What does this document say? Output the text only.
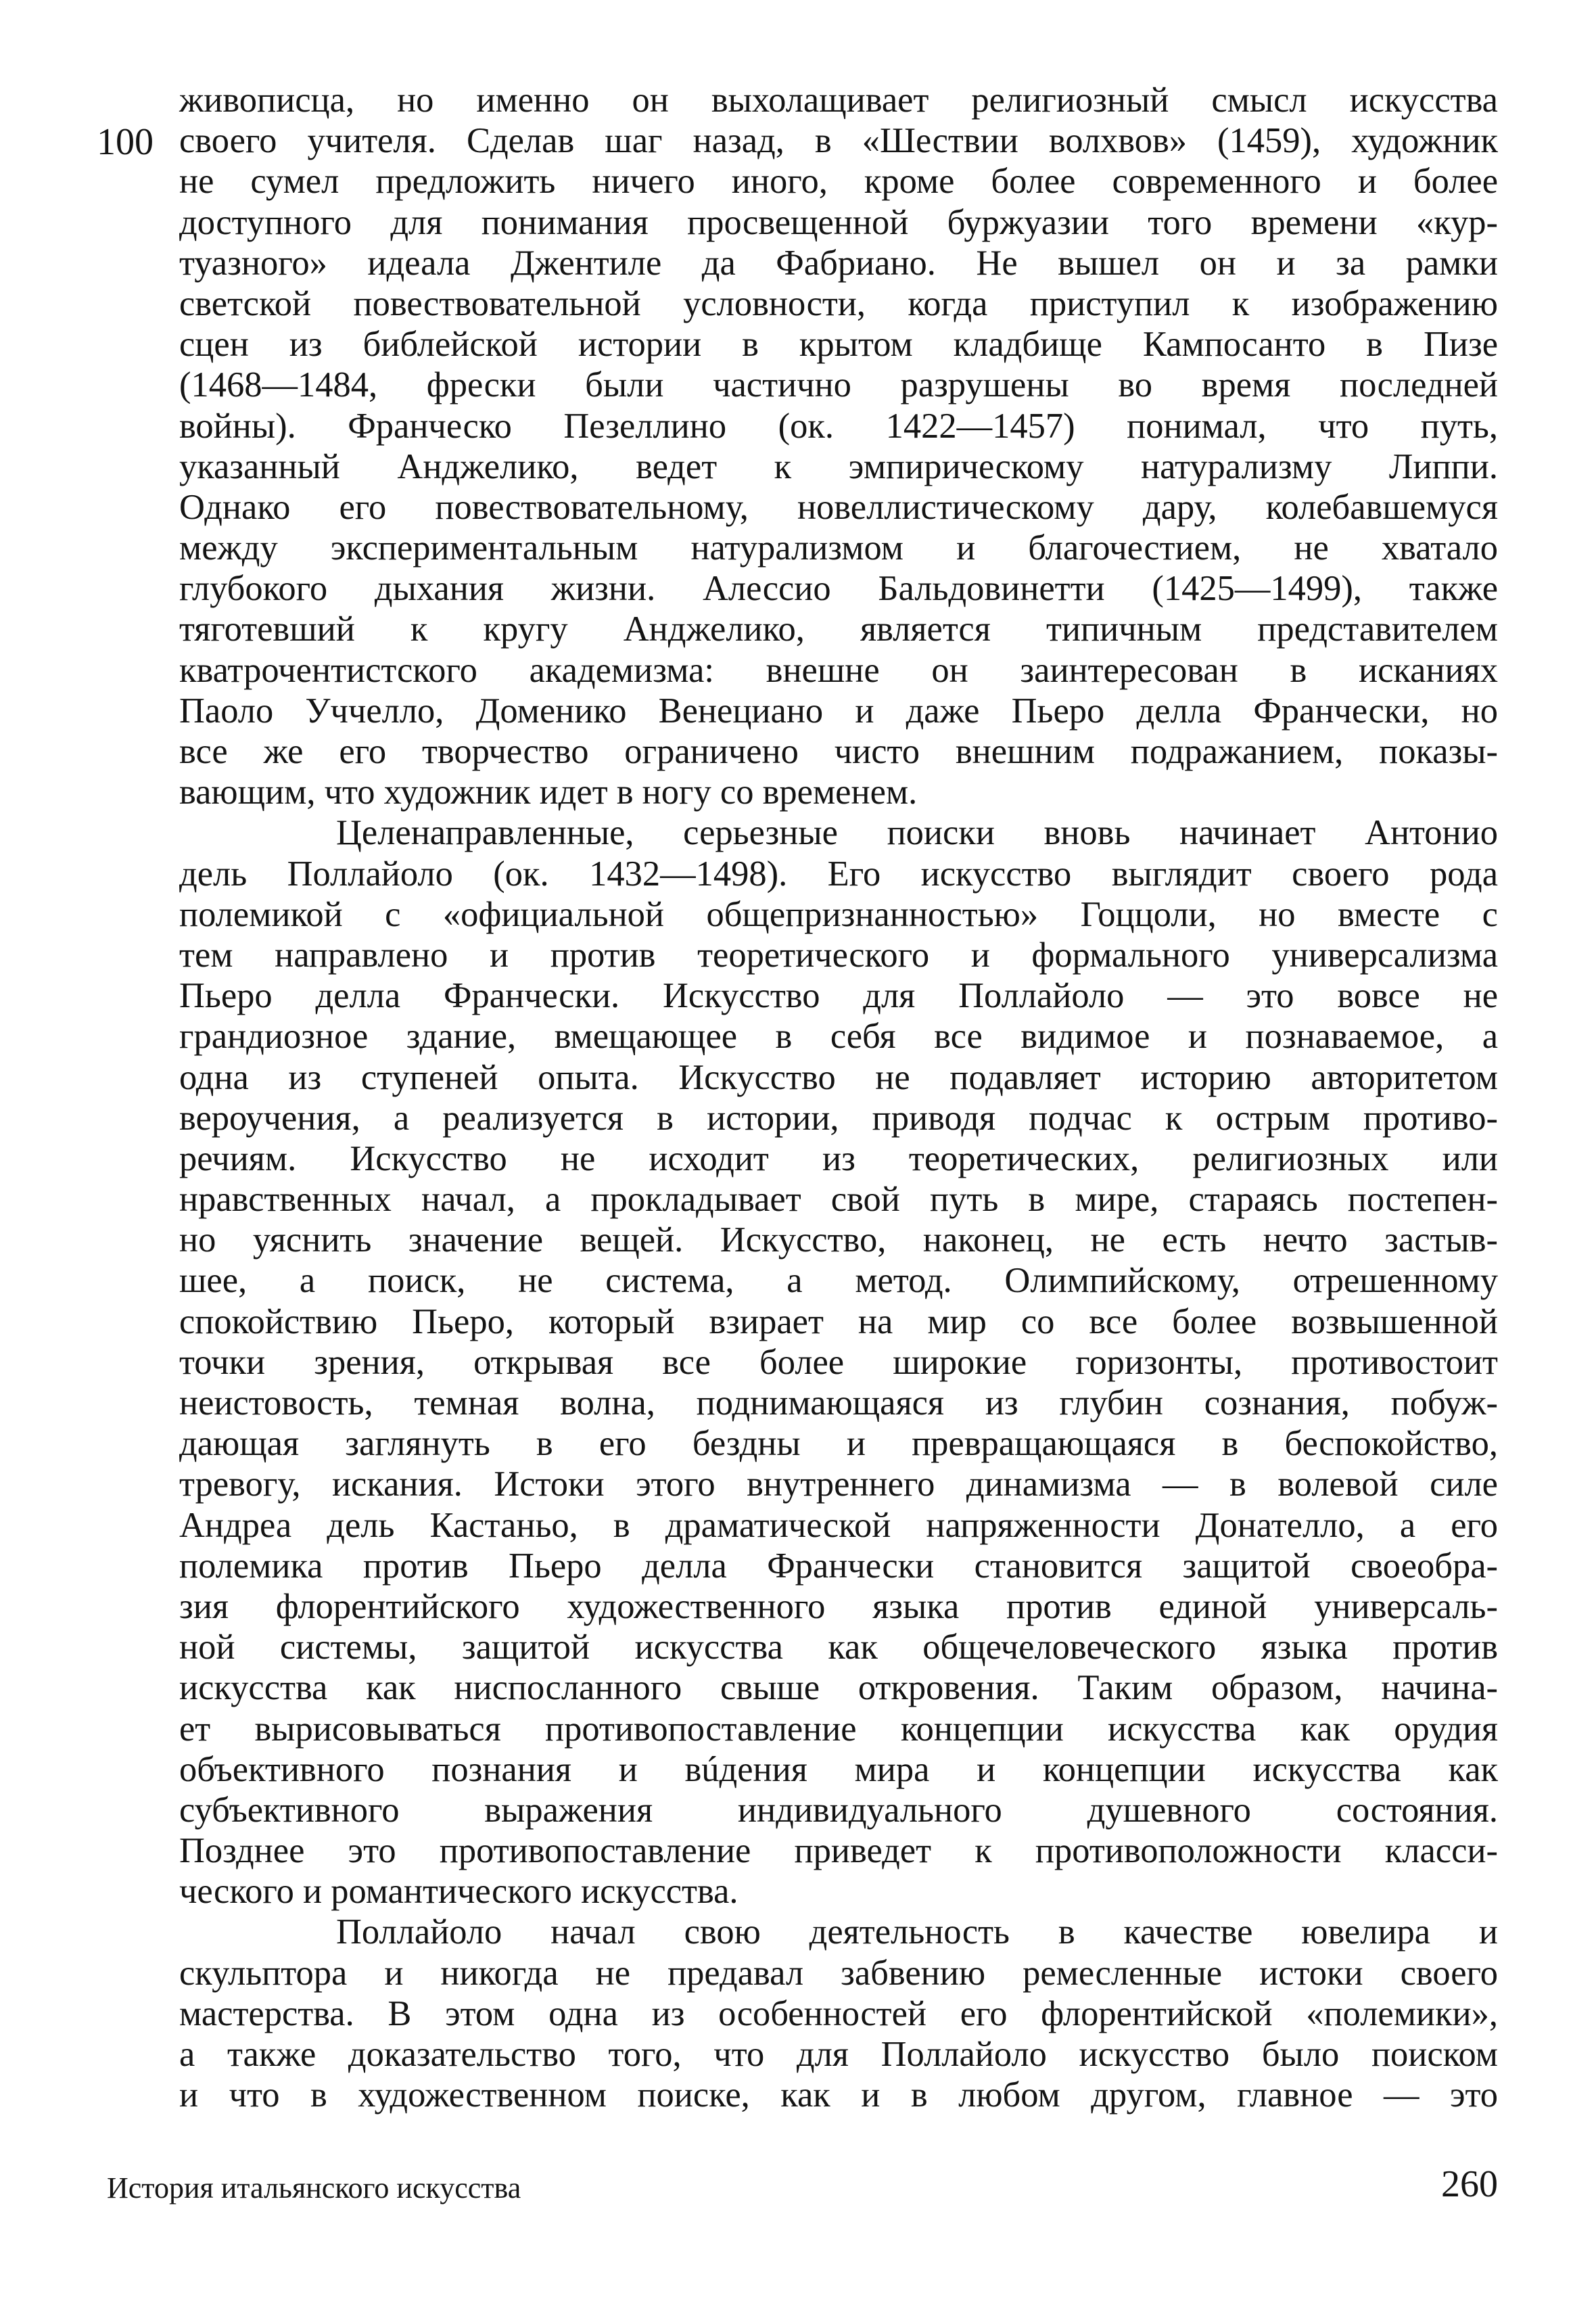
100
живописца, но именно он выхолащивает религиозный смысл искусства
своего учителя. Сделав шаг назад, в «Шествии волхвов» (1459), художник
не сумел предложить ничего иного, кроме более современного и более
доступного для понимания просвещенной буржуазии того времени «кур-
туазного» идеала Джентиле да Фабриано. Не вышел он и за рамки
светской повествовательной условности, когда приступил к изображению
сцен из библейской истории в крытом кладбище Кампосанто в Пизе
(1468—1484, фрески были частично разрушены во время последней
войны). Франческо Пезеллино (ок. 1422—1457) понимал, что путь,
указанный Анджелико, ведет к эмпирическому натурализму Липпи.
Однако его повествовательному, новеллистическому дару, колебавшемуся
между экспериментальным натурализмом и благочестием, не хватало
глубокого дыхания жизни. Алессио Бальдовинетти (1425—1499), также
тяготевший к кругу Анджелико, является типичным представителем
кватрочентистского академизма: внешне он заинтересован в исканиях
Паоло Уччелло, Доменико Венециано и даже Пьеро делла Франчески, но
все же его творчество ограничено чисто внешним подражанием, показы-
вающим, что художник идет в ногу со временем.
Целенаправленные, серьезные поиски вновь начинает Антонио
дель Поллайоло (ок. 1432—1498). Его искусство выглядит своего рода
полемикой с «официальной общепризнанностью» Гоццоли, но вместе с
тем направлено и против теоретического и формального универсализма
Пьеро делла Франчески. Искусство для Поллайоло — это вовсе не
грандиозное здание, вмещающее в себя все видимое и познаваемое, а
одна из ступеней опыта. Искусство не подавляет историю авторитетом
вероучения, а реализуется в истории, приводя подчас к острым противо-
речиям. Искусство не исходит из теоретических, религиозных или
нравственных начал, а прокладывает свой путь в мире, стараясь постепен-
но уяснить значение вещей. Искусство, наконец, не есть нечто застыв-
шее, а поиск, не система, а метод. Олимпийскому, отрешенному
спокойствию Пьеро, который взирает на мир со все более возвышенной
точки зрения, открывая все более широкие горизонты, противостоит
неистовость, темная волна, поднимающаяся из глубин сознания, побуж-
дающая заглянуть в его бездны и превращающаяся в беспокойство,
тревогу, искания. Истоки этого внутреннего динамизма — в волевой силе
Андреа дель Кастаньо, в драматической напряженности Донателло, а его
полемика против Пьеро делла Франчески становится защитой своеобра-
зия флорентийского художественного языка против единой универсаль-
ной системы, защитой искусства как общечеловеческого языка против
искусства как ниспосланного свыше откровения. Таким образом, начина-
ет вырисовываться противопоставление концепции искусства как орудия
объективного познания и вúдения мира и концепции искусства как
субъективного выражения индивидуального душевного состояния.
Позднее это противопоставление приведет к противоположности класси-
ческого и романтического искусства.
Поллайоло начал свою деятельность в качестве ювелира и
скульптора и никогда не предавал забвению ремесленные истоки своего
мастерства. В этом одна из особенностей его флорентийской «полемики»,
а также доказательство того, что для Поллайоло искусство было поиском
и что в художественном поиске, как и в любом другом, главное — это
История итальянского искусства	260
